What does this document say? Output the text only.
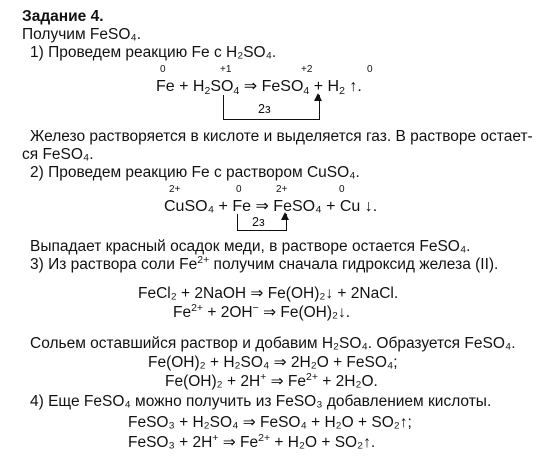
Задание 4.
Получим FeSO₄.
1) Проведем реакцию Fe с H₂SO₄.
0	+1	+2	0
$Fe + H_2SO_4$ ⇒ FeSO$_4$ + $H_2$ ↑.
2з
Железо растворяется в кислоте и выделяется газ. В растворе остает-
ся FeSO₄.
2) Проведем реакцию Fe с раствором CuSO₄.
2+	0	2+	0
CuSO₄ + Fe ⇒ FeSO₄ + Cu ↓.
2з
Выпадает красный осадок меди, в растворе остается FeSO₄.
3) Из раствора соли $Fe^{2+}$ получим сначала гидроксид железа (II).
FeCl₂ + 2NaOH ⇒ Fe(OH)₂↓ + 2NaCl.
$Fe^{2+} + 2OH^-$ ⇒ Fe(OH)₂↓.
Сольем оставшийся раствор и добавим H₂SO₄. Образуется FeSO₄.
Fe(OH)₂ + H₂SO₄ ⇒ 2H₂O + FeSO₄;
Fe(OH)₂ + 2H+ ⇒ $Fe^{2+} + 2H_2O$.
4) Еще FeSO₄ можно получить из FeSO₃ добавлением кислоты.
FeSO₃ + H₂SO₄ ⇒ FeSO₄ + H₂O + SO₂↑;
FeSO₃ + 2H+ ⇒ $Fe^{2+} + H_2O$ + SO₂↑.
